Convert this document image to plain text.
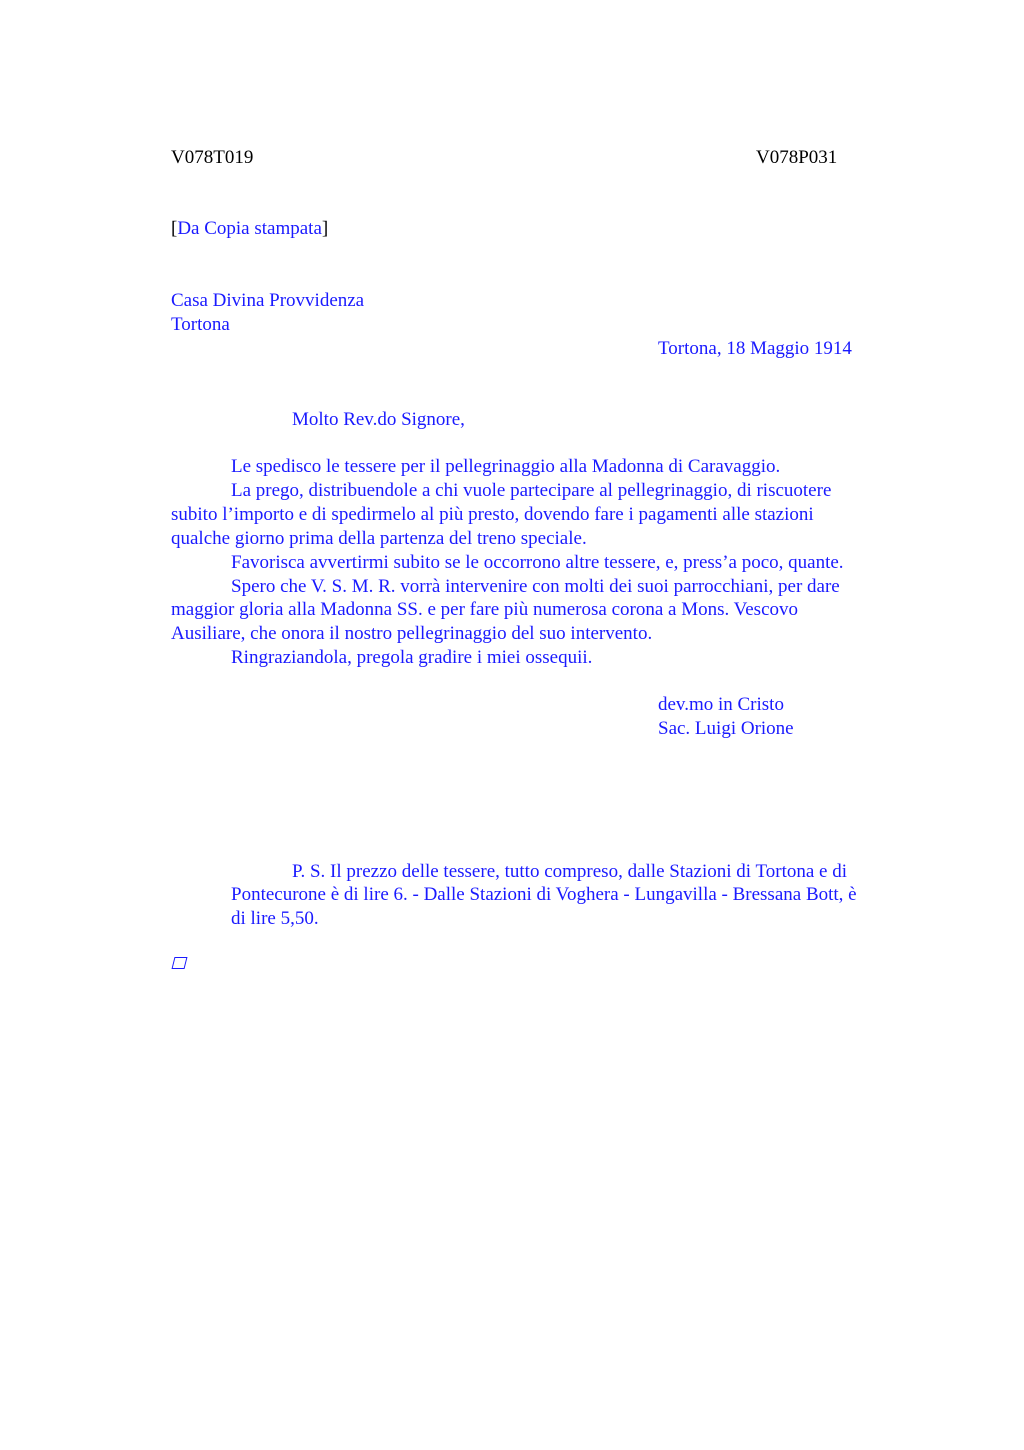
V078T019	V078P031
[Da Copia stampata]
Casa Divina Provvidenza
Tortona
Tortona, 18 Maggio 1914
Molto Rev.do Signore,
Le spedisco le tessere per il pellegrinaggio alla Madonna di Caravaggio.
La prego, distribuendole a chi vuole partecipare al pellegrinaggio, di riscuotere
subito l’importo e di spedirmelo al più presto, dovendo fare i pagamenti alle stazioni
qualche giorno prima della partenza del treno speciale.
Favorisca avvertirmi subito se le occorrono altre tessere, e, press’a poco, quante.
Spero che V. S. M. R. vorrà intervenire con molti dei suoi parrocchiani, per dare
maggior gloria alla Madonna SS. e per fare più numerosa corona a Mons. Vescovo
Ausiliare, che onora il nostro pellegrinaggio del suo intervento.
Ringraziandola, pregola gradire i miei ossequii.
dev.mo in Cristo
Sac. Luigi Orione
P. S. Il prezzo delle tessere, tutto compreso, dalle Stazioni di Tortona e di
Pontecurone è di lire 6. - Dalle Stazioni di Voghera - Lungavilla - Bressana Bott, è
di lire 5,50.
